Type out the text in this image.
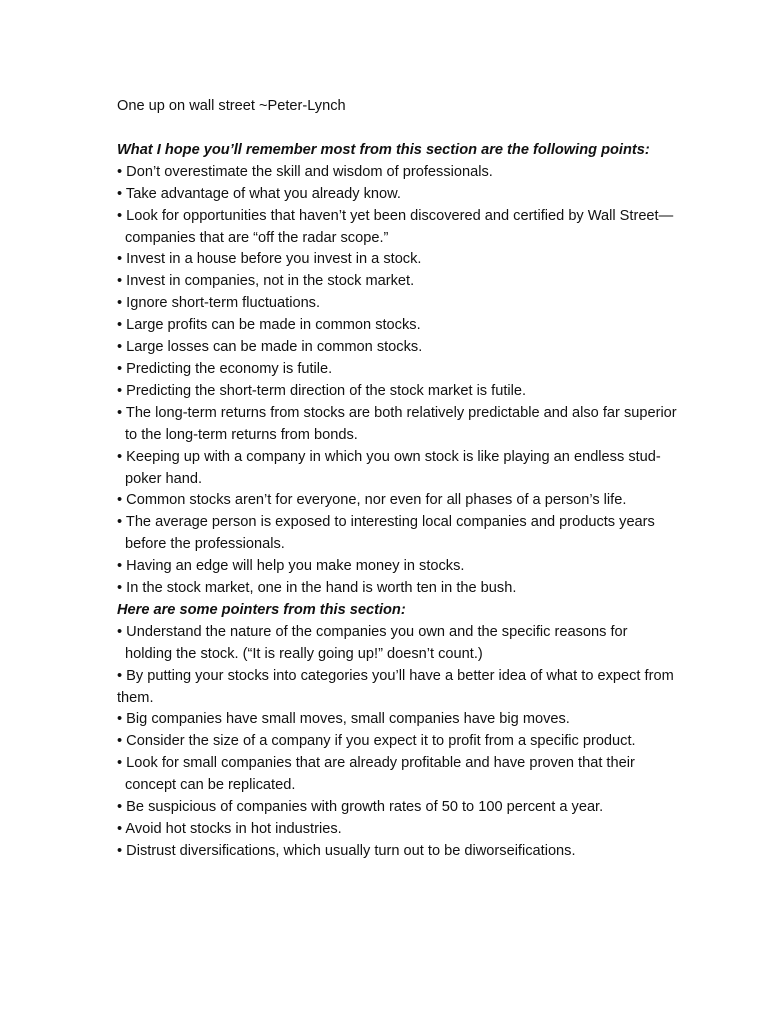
One up on wall street ~Peter-Lynch

What I hope you’ll remember most from this section are the following points:

• Don’t overestimate the skill and wisdom of professionals.
• Take advantage of what you already know.
• Look for opportunities that haven’t yet been discovered and certified by Wall Street—companies that are “off the radar scope.”
• Invest in a house before you invest in a stock.
• Invest in companies, not in the stock market.
• Ignore short-term fluctuations.
• Large profits can be made in common stocks.
• Large losses can be made in common stocks.
• Predicting the economy is futile.
• Predicting the short-term direction of the stock market is futile.
• The long-term returns from stocks are both relatively predictable and also far superior to the long-term returns from bonds.
• Keeping up with a company in which you own stock is like playing an endless stud-poker hand.
• Common stocks aren’t for everyone, nor even for all phases of a person’s life.
• The average person is exposed to interesting local companies and products years before the professionals.
• Having an edge will help you make money in stocks.
• In the stock market, one in the hand is worth ten in the bush.

Here are some pointers from this section:

• Understand the nature of the companies you own and the specific reasons for holding the stock. (“It is really going up!” doesn’t count.)
• By putting your stocks into categories you’ll have a better idea of what to expect from them.
• Big companies have small moves, small companies have big moves.
• Consider the size of a company if you expect it to profit from a specific product.
• Look for small companies that are already profitable and have proven that their concept can be replicated.
• Be suspicious of companies with growth rates of 50 to 100 percent a year.
• Avoid hot stocks in hot industries.
• Distrust diversifications, which usually turn out to be diworseifications.
